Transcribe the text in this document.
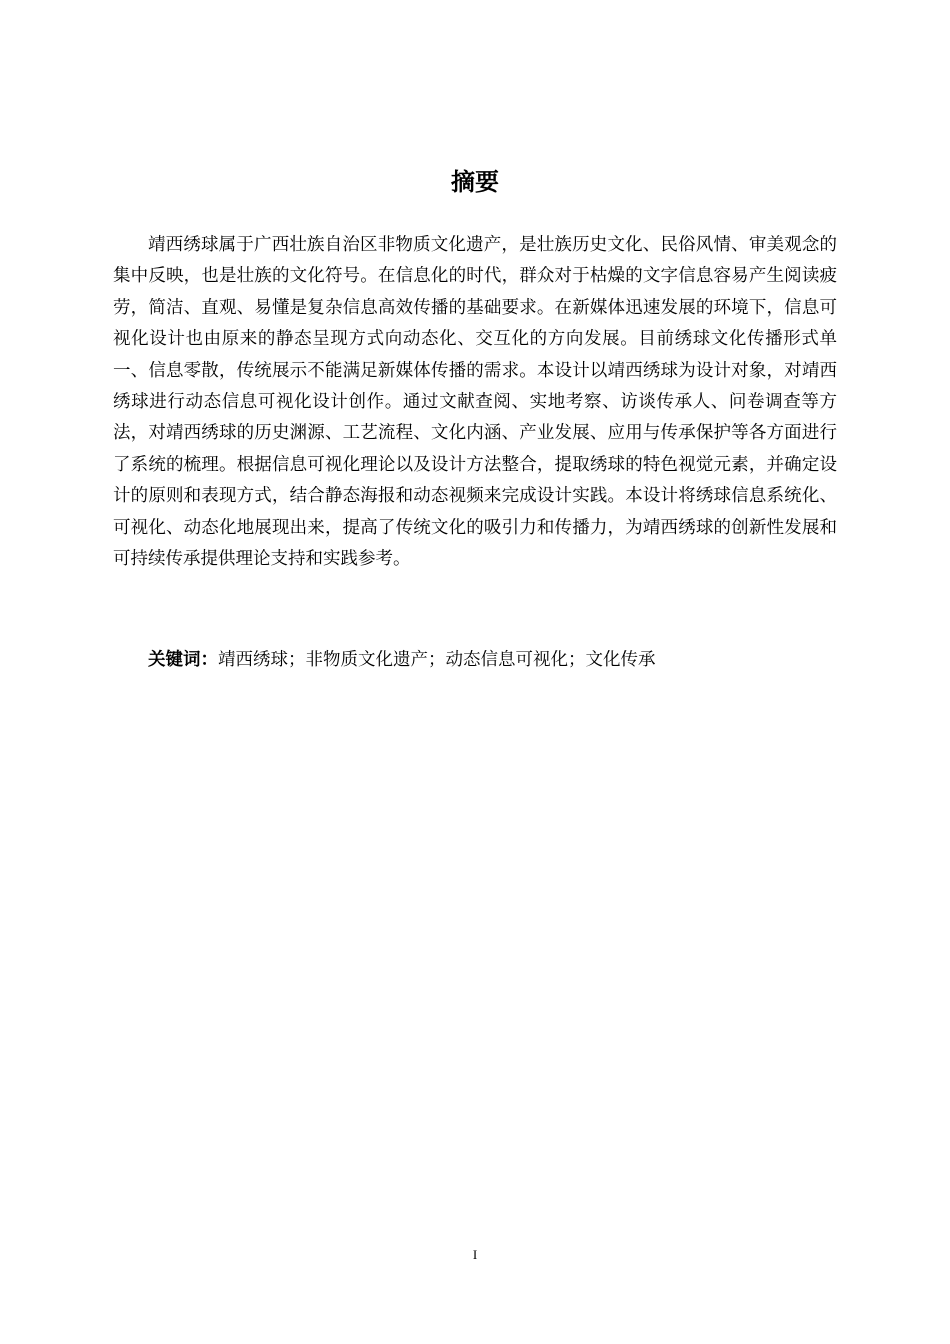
摘要

靖西绣球属于广西壮族自治区非物质文化遗产，是壮族历史文化、民俗风情、审美观念的集中反映，也是壮族的文化符号。在信息化的时代，群众对于枯燥的文字信息容易产生阅读疲劳，简洁、直观、易懂是复杂信息高效传播的基础要求。在新媒体迅速发展的环境下，信息可视化设计也由原来的静态呈现方式向动态化、交互化的方向发展。目前绣球文化传播形式单一、信息零散，传统展示不能满足新媒体传播的需求。本设计以靖西绣球为设计对象，对靖西绣球进行动态信息可视化设计创作。通过文献查阅、实地考察、访谈传承人、问卷调查等方法，对靖西绣球的历史渊源、工艺流程、文化内涵、产业发展、应用与传承保护等各方面进行了系统的梳理。根据信息可视化理论以及设计方法整合，提取绣球的特色视觉元素，并确定设计的原则和表现方式，结合静态海报和动态视频来完成设计实践。本设计将绣球信息系统化、可视化、动态化地展现出来，提高了传统文化的吸引力和传播力，为靖西绣球的创新性发展和可持续传承提供理论支持和实践参考。

关键词：靖西绣球；非物质文化遗产；动态信息可视化；文化传承

I
